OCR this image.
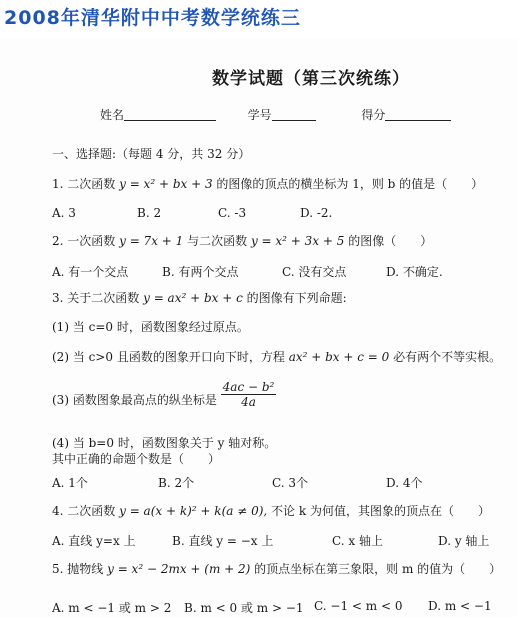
2008年清华附中中考数学统练三
数学试题（第三次统练）
姓名	学号	得分
一、选择题:（每题 4 分，共 32 分）
1. 二次函数 y = x² + bx + 3 的图像的顶点的横坐标为 1，则 b 的值是（　　）
A. 3	B. 2	C. -3	D. -2.
2. 一次函数 y = 7x + 1 与二次函数 y = x² + 3x + 5 的图像（　　）
A. 有一个交点	B. 有两个交点	C. 没有交点	D. 不确定.
3. 关于二次函数 y = ax² + bx + c 的图像有下列命题:
(1) 当 c=0 时，函数图象经过原点。
(2) 当 c>0 且函数的图象开口向下时，方程 ax² + bx + c = 0 必有两个不等实根。
(3) 函数图象最高点的纵坐标是 $\frac{\text{4ac − b²}}{4a}$
(4) 当 b=0 时，函数图象关于 y 轴对称。
其中正确的命题个数是（　　）
A. 1个	B. 2个	C. 3个	D. 4个
4. 二次函数 y = a(x + k)² + k(a ≠ 0), 不论 k 为何值，其图象的顶点在（　　）
A. 直线 y=x 上	B. 直线 y = −x 上	C. x 轴上	D. y 轴上
5. 抛物线 y = x² − 2mx + (m + 2) 的顶点坐标在第三象限，则 m 的值为（　　）
A. m < −1 或 m > 2 B. m < 0 或 m > −1 C. −1 < m < 0 D. m < −1
